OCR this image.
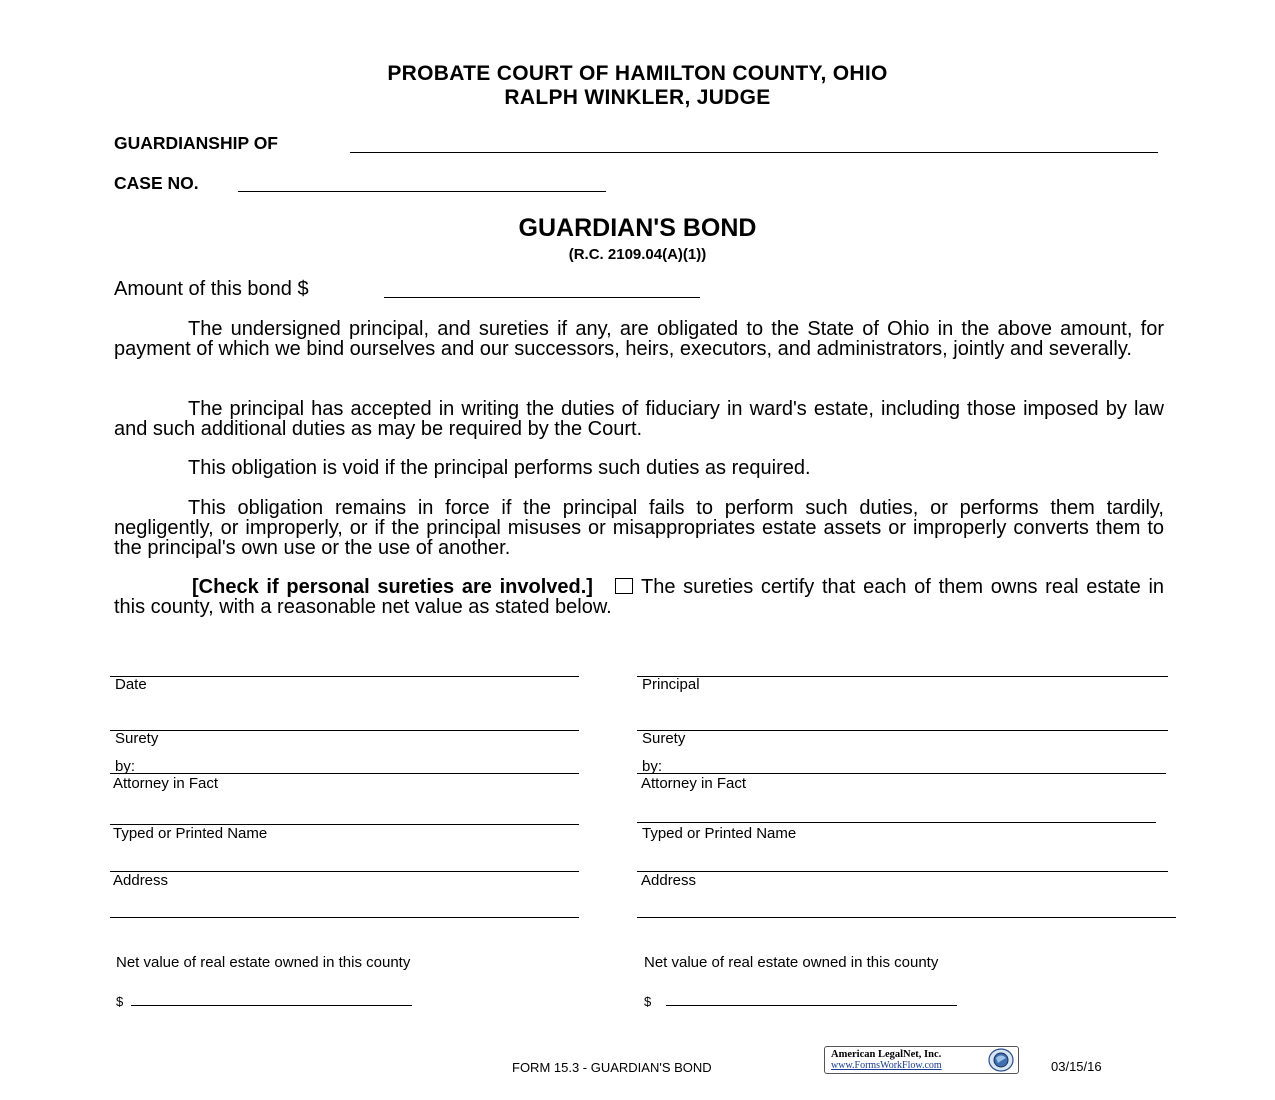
PROBATE COURT OF HAMILTON COUNTY, OHIO
RALPH WINKLER, JUDGE
GUARDIANSHIP OF
CASE NO.
GUARDIAN'S BOND
(R.C. 2109.04(A)(1))
Amount of this bond $
The undersigned principal, and sureties if any, are obligated to the State of Ohio in the above amount, for payment of which we bind ourselves and our successors, heirs, executors, and administrators, jointly and severally.
The principal has accepted in writing the duties of fiduciary in ward's estate, including those imposed by law and such additional duties as may be required by the Court.
This obligation is void if the principal performs such duties as required.
This obligation remains in force if the principal fails to perform such duties, or performs them tardily, negligently, or improperly, or if the principal misuses or misappropriates estate assets or improperly converts them to the principal's own use or the use of another.
[Check if personal sureties are involved.] The sureties certify that each of them owns real estate in this county, with a reasonable net value as stated below.
Date
Surety
by:
Attorney in Fact
Typed or Printed Name
Address
Net value of real estate owned in this county
$
Principal
Surety
by:
Attorney in Fact
Typed or Printed Name
Address
Net value of real estate owned in this county
$
FORM 15.3 - GUARDIAN'S BOND
American LegalNet, Inc.
www.FormsWorkFlow.com	03/15/16
